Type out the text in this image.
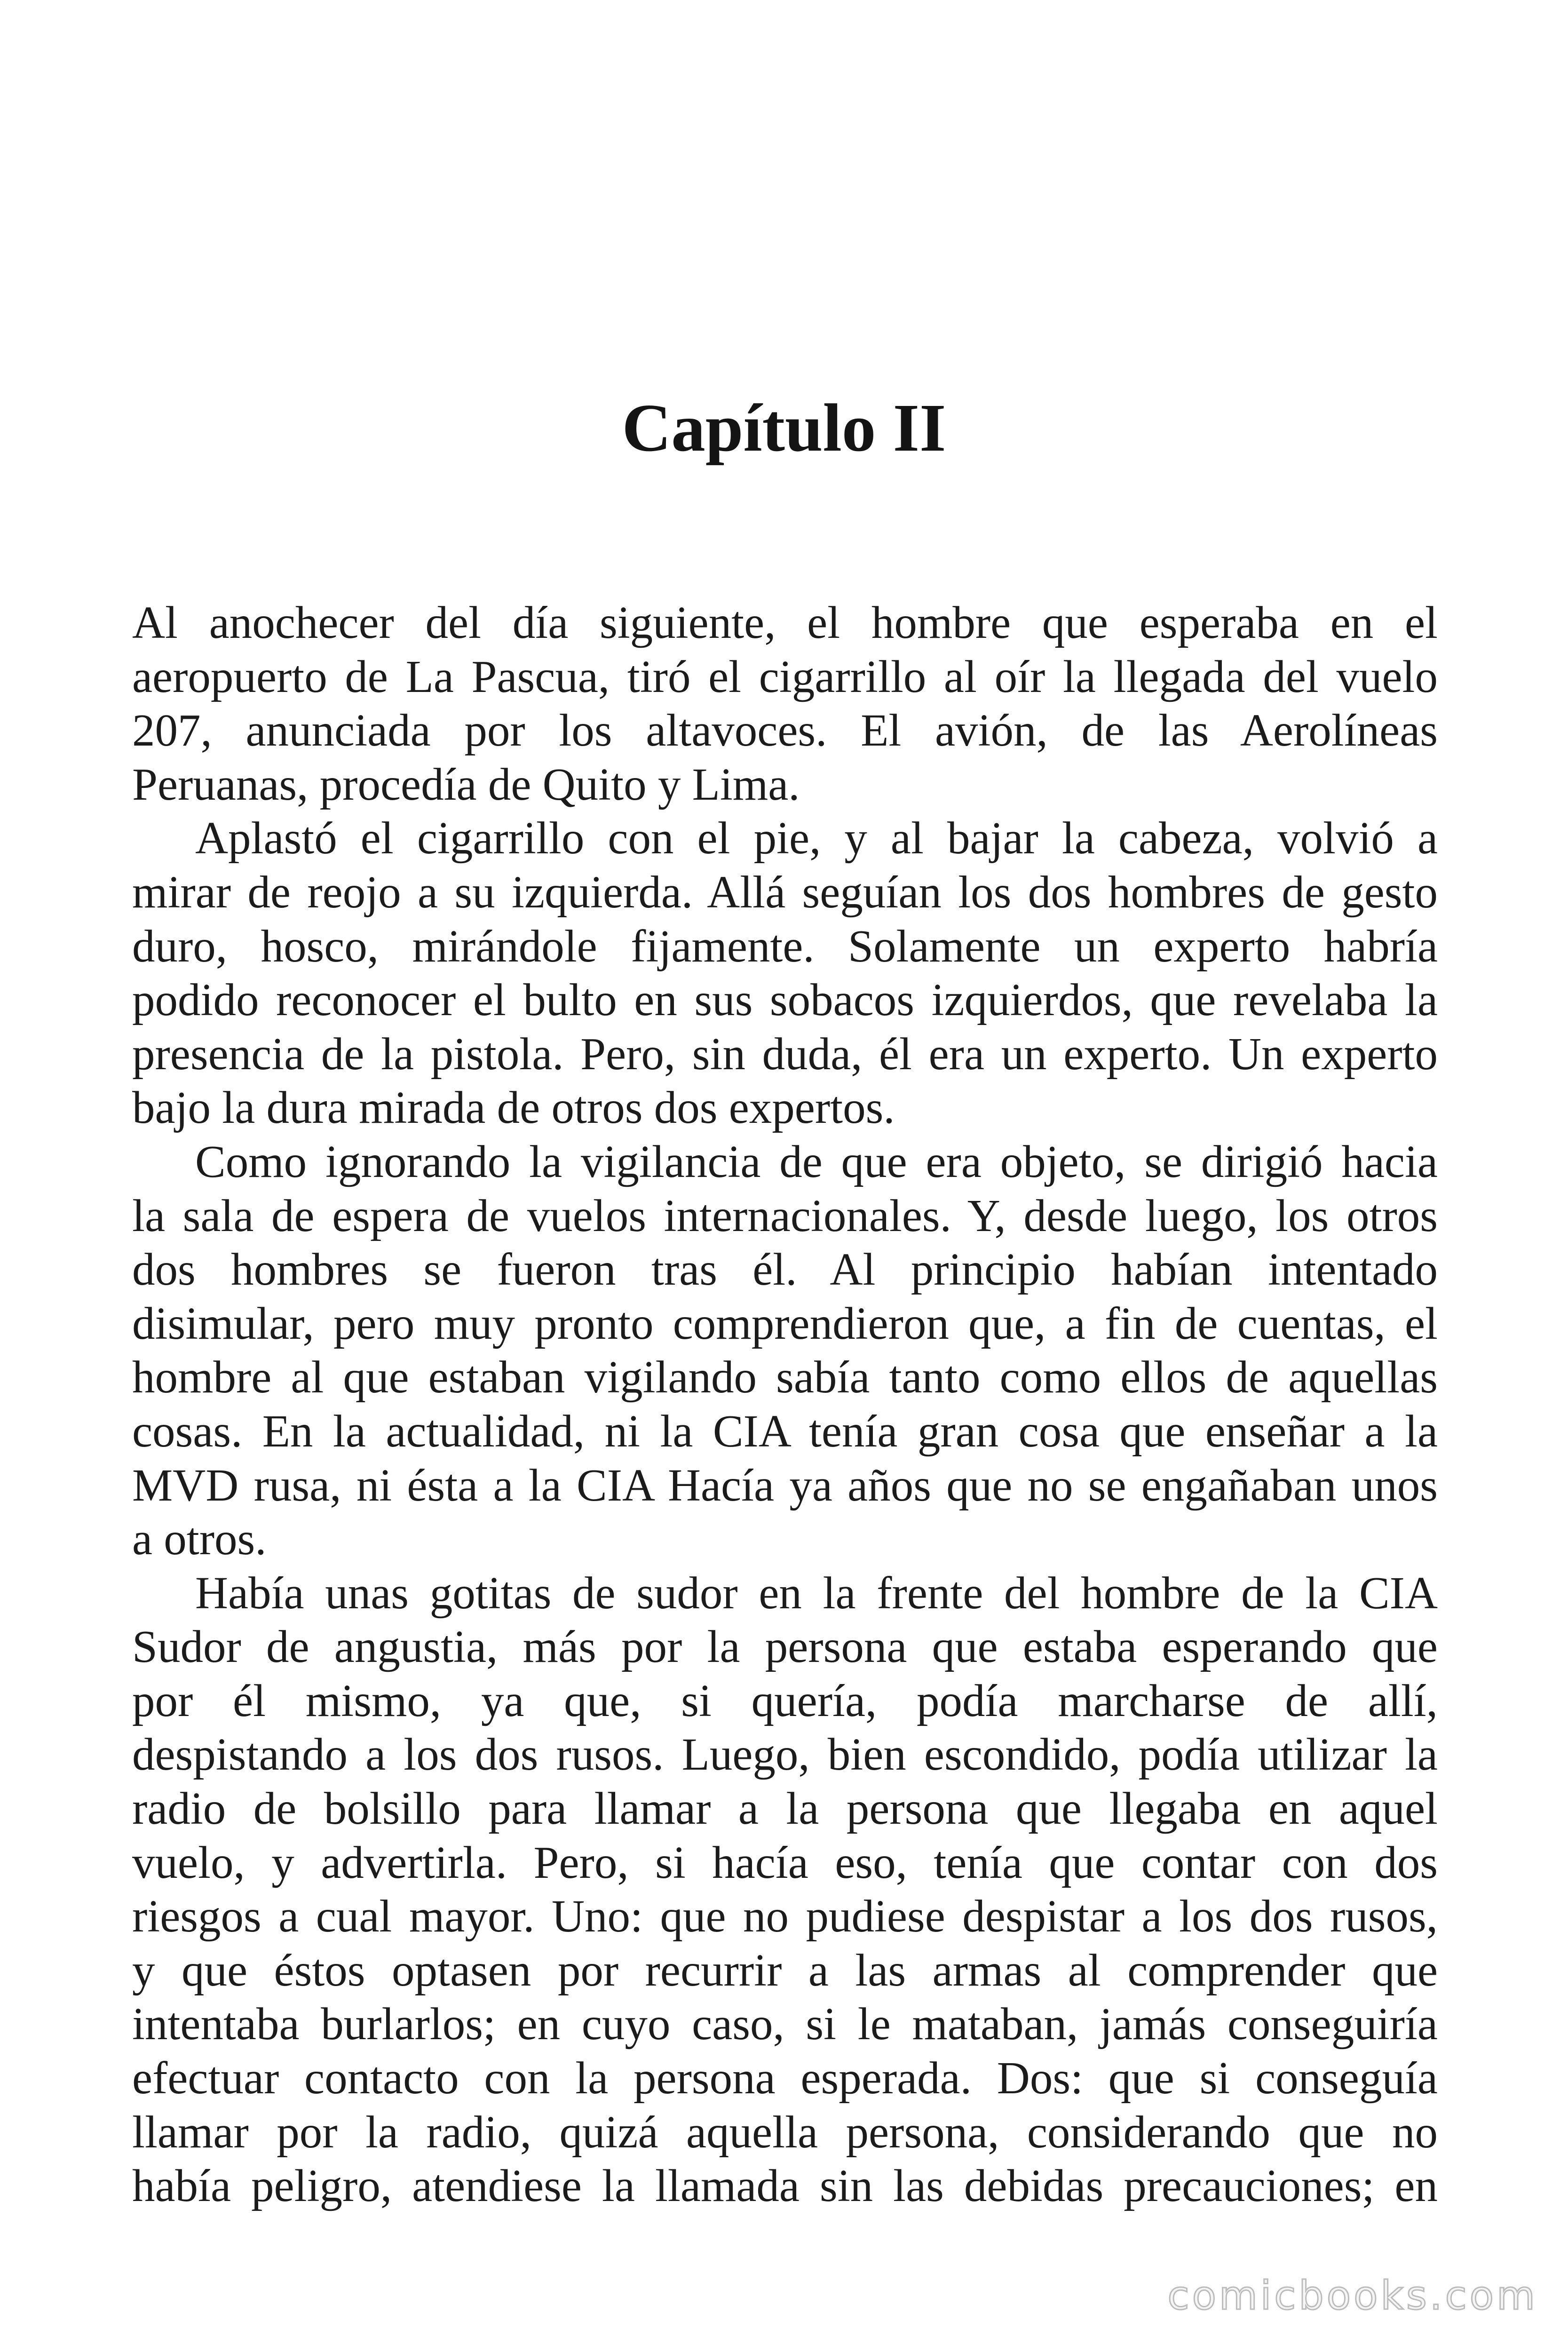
Capítulo II
Al anochecer del día siguiente, el hombre que esperaba en el
aeropuerto de La Pascua, tiró el cigarrillo al oír la llegada del vuelo
207, anunciada por los altavoces. El avión, de las Aerolíneas
Peruanas, procedía de Quito y Lima.
Aplastó el cigarrillo con el pie, y al bajar la cabeza, volvió a
mirar de reojo a su izquierda. Allá seguían los dos hombres de gesto
duro, hosco, mirándole fijamente. Solamente un experto habría
podido reconocer el bulto en sus sobacos izquierdos, que revelaba la
presencia de la pistola. Pero, sin duda, él era un experto. Un experto
bajo la dura mirada de otros dos expertos.
Como ignorando la vigilancia de que era objeto, se dirigió hacia
la sala de espera de vuelos internacionales. Y, desde luego, los otros
dos hombres se fueron tras él. Al principio habían intentado
disimular, pero muy pronto comprendieron que, a fin de cuentas, el
hombre al que estaban vigilando sabía tanto como ellos de aquellas
cosas. En la actualidad, ni la CIA tenía gran cosa que enseñar a la
MVD rusa, ni ésta a la CIA Hacía ya años que no se engañaban unos
a otros.
Había unas gotitas de sudor en la frente del hombre de la CIA
Sudor de angustia, más por la persona que estaba esperando que
por él mismo, ya que, si quería, podía marcharse de allí,
despistando a los dos rusos. Luego, bien escondido, podía utilizar la
radio de bolsillo para llamar a la persona que llegaba en aquel
vuelo, y advertirla. Pero, si hacía eso, tenía que contar con dos
riesgos a cual mayor. Uno: que no pudiese despistar a los dos rusos,
y que éstos optasen por recurrir a las armas al comprender que
intentaba burlarlos; en cuyo caso, si le mataban, jamás conseguiría
efectuar contacto con la persona esperada. Dos: que si conseguía
llamar por la radio, quizá aquella persona, considerando que no
había peligro, atendiese la llamada sin las debidas precauciones; en
comicbooks.com
